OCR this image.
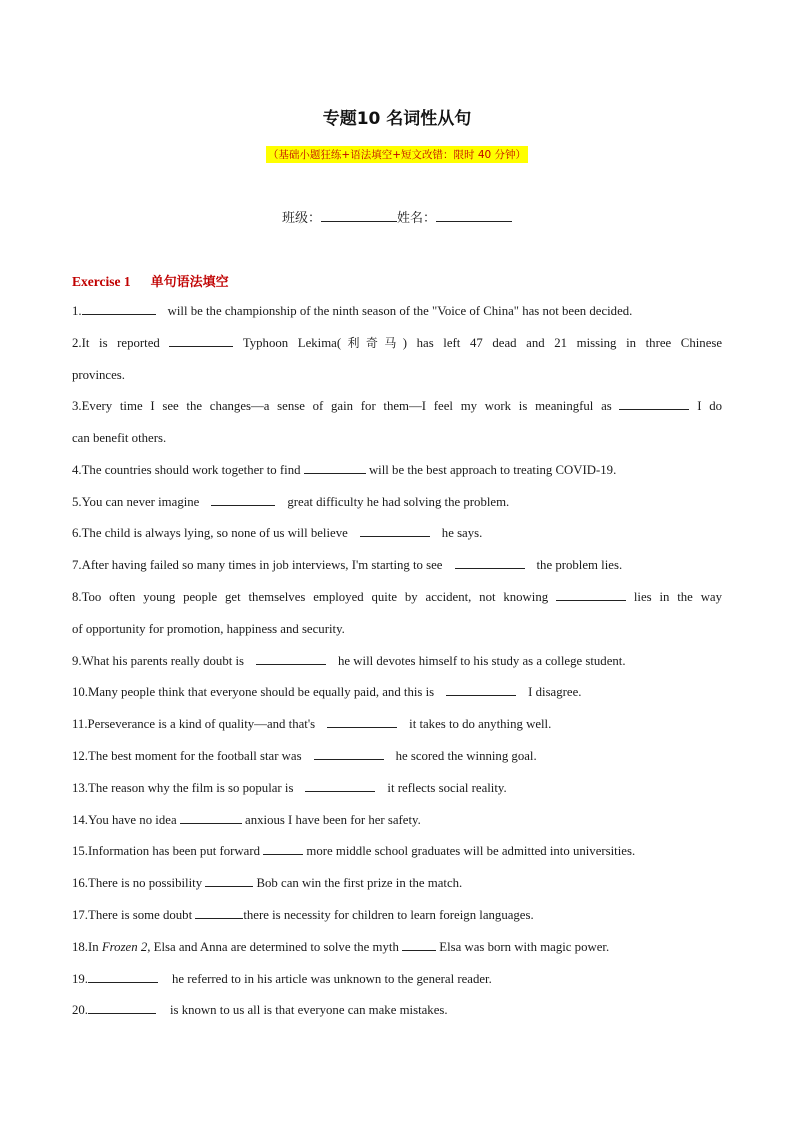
专题10 名词性从句
（基础小题狂练+语法填空+短文改错：限时 40 分钟）
班级：	姓名：
Exercise 1 单句语法填空
1.	will be the championship of the ninth season of the "Voice of China" has not been decided.
2.It is reported	Typhoon Lekima(利奇马) has left 47 dead and 21 missing in three Chinese
provinces.
3.Every time I see the changes—a sense of gain for them—I feel my work is meaningful as	I do
can benefit others.
4.The countries should work together to find	will be the best approach to treating COVID-19.
5.You can never imagine	great difficulty he had solving the problem.
6.The child is always lying, so none of us will believe	he says.
7.After having failed so many times in job interviews, I'm starting to see	the problem lies.
8.Too often young people get themselves employed quite by accident, not knowing	lies in the way
of opportunity for promotion, happiness and security.
9.What his parents really doubt is	he will devotes himself to his study as a college student.
10.Many people think that everyone should be equally paid, and this is	I disagree.
11.Perseverance is a kind of quality—and that's	it takes to do anything well.
12.The best moment for the football star was	he scored the winning goal.
13.The reason why the film is so popular is	it reflects social reality.
14.You have no idea	anxious I have been for her safety.
15.Information has been put forward	more middle school graduates will be admitted into universities.
16.There is no possibility	Bob can win the first prize in the match.
17.There is some doubt	there is necessity for children to learn foreign languages.
18.In Frozen 2, Elsa and Anna are determined to solve the myth	Elsa was born with magic power.
19.	he referred to in his article was unknown to the general reader.
20.	is known to us all is that everyone can make mistakes.
